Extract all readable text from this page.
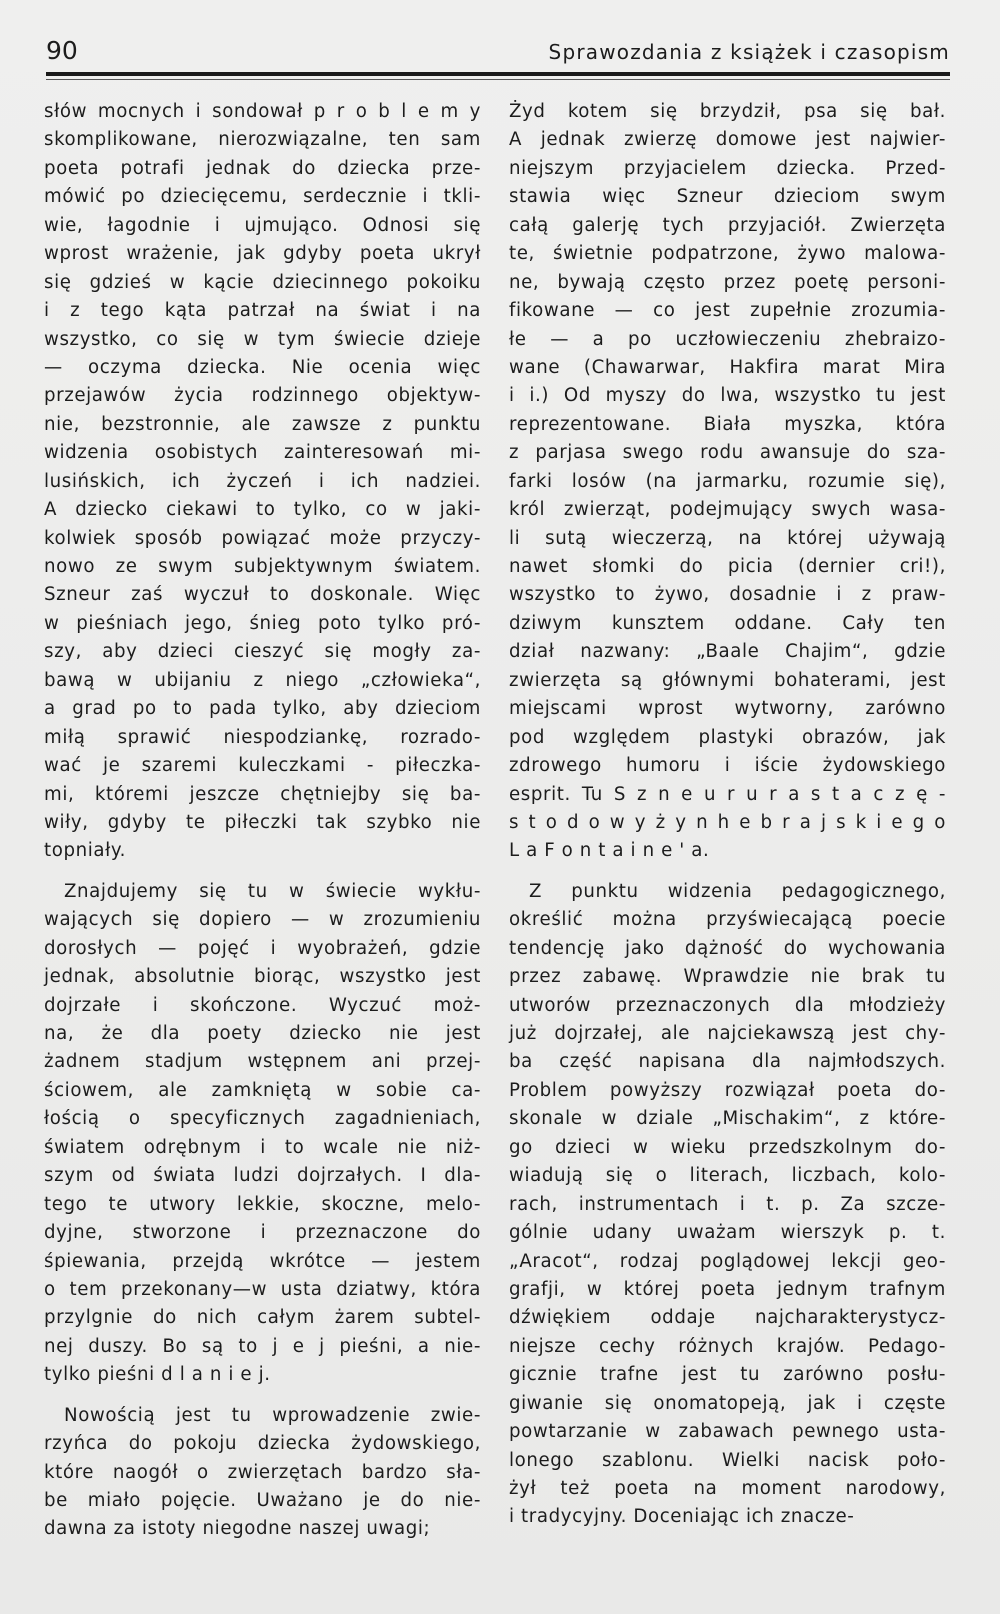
90	Sprawozdania z książek i czasopism
słów mocnych i sondował p r o b l e m y
skomplikowane, nierozwiązalne, ten sam
poeta potrafi jednak do dziecka prze-
mówić po dziecięcemu, serdecznie i tkli-
wie, łagodnie i ujmująco. Odnosi się
wprost wrażenie, jak gdyby poeta ukrył
się gdzieś w kącie dziecinnego pokoiku
i z tego kąta patrzał na świat i na
wszystko, co się w tym świecie dzieje
— oczyma dziecka. Nie ocenia więc
przejawów życia rodzinnego objektyw-
nie, bezstronnie, ale zawsze z punktu
widzenia osobistych zainteresowań mi-
lusińskich, ich życzeń i ich nadziei.
A dziecko ciekawi to tylko, co w jaki-
kolwiek sposób powiązać może przyczy-
nowo ze swym subjektywnym światem.
Szneur zaś wyczuł to doskonale. Więc
w pieśniach jego, śnieg poto tylko pró-
szy, aby dzieci cieszyć się mogły za-
bawą w ubijaniu z niego „człowieka“,
a grad po to pada tylko, aby dzieciom
miłą sprawić niespodziankę, rozrado-
wać je szaremi kuleczkami - piłeczka-
mi, któremi jeszcze chętniejby się ba-
wiły, gdyby te piłeczki tak szybko nie
topniały.
Znajdujemy się tu w świecie wykłu-
wających się dopiero — w zrozumieniu
dorosłych — pojęć i wyobrażeń, gdzie
jednak, absolutnie biorąc, wszystko jest
dojrzałe i skończone. Wyczuć moż-
na, że dla poety dziecko nie jest
żadnem stadjum wstępnem ani przej-
ściowem, ale zamkniętą w sobie ca-
łością o specyficznych zagadnieniach,
światem odrębnym i to wcale nie niż-
szym od świata ludzi dojrzałych. I dla-
tego te utwory lekkie, skoczne, melo-
dyjne, stworzone i przeznaczone do
śpiewania, przejdą wkrótce — jestem
o tem przekonany—w usta dziatwy, która
przylgnie do nich całym żarem subtel-
nej duszy. Bo są to j e j pieśni, a nie-
tylko pieśni d l a n i e j.
Nowością jest tu wprowadzenie zwie-
rzyńca do pokoju dziecka żydowskiego,
które naogół o zwierzętach bardzo sła-
be miało pojęcie. Uważano je do nie-
dawna za istoty niegodne naszej uwagi;
Żyd kotem się brzydził, psa się bał.
A jednak zwierzę domowe jest najwier-
niejszym przyjacielem dziecka. Przed-
stawia więc Szneur dzieciom swym
całą galerję tych przyjaciół. Zwierzęta
te, świetnie podpatrzone, żywo malowa-
ne, bywają często przez poetę personi-
fikowane — co jest zupełnie zrozumia-
łe — a po uczłowieczeniu zhebraizo-
wane (Chawarwar, Hakfira marat Mira
i i.) Od myszy do lwa, wszystko tu jest
reprezentowane. Biała myszka, która
z parjasa swego rodu awansuje do sza-
farki losów (na jarmarku, rozumie się),
król zwierząt, podejmujący swych wasa-
li sutą wieczerzą, na której używają
nawet słomki do picia (dernier cri!),
wszystko to żywo, dosadnie i z praw-
dziwym kunsztem oddane. Cały ten
dział nazwany: „Baale Chajim“, gdzie
zwierzęta są głównymi bohaterami, jest
miejscami wprost wytworny, zarówno
pod względem plastyki obrazów, jak
zdrowego humoru i iście żydowskiego
esprit. Tu S z n e u r u r a s t a c z ę -
s t o d o w y ż y n h e b r a j s k i e g o
L a F o n t a i n e ' a.
Z punktu widzenia pedagogicznego,
określić można przyświecającą poecie
tendencję jako dążność do wychowania
przez zabawę. Wprawdzie nie brak tu
utworów przeznaczonych dla młodzieży
już dojrzałej, ale najciekawszą jest chy-
ba część napisana dla najmłodszych.
Problem powyższy rozwiązał poeta do-
skonale w dziale „Mischakim“, z które-
go dzieci w wieku przedszkolnym do-
wiadują się o literach, liczbach, kolo-
rach, instrumentach i t. p. Za szcze-
gólnie udany uważam wierszyk p. t.
„Aracot“, rodzaj poglądowej lekcji geo-
grafji, w której poeta jednym trafnym
dźwiękiem oddaje najcharakterystycz-
niejsze cechy różnych krajów. Pedago-
gicznie trafne jest tu zarówno posłu-
giwanie się onomatopeją, jak i częste
powtarzanie w zabawach pewnego usta-
lonego szablonu. Wielki nacisk poło-
żył też poeta na moment narodowy,
i tradycyjny. Doceniając ich znacze-
